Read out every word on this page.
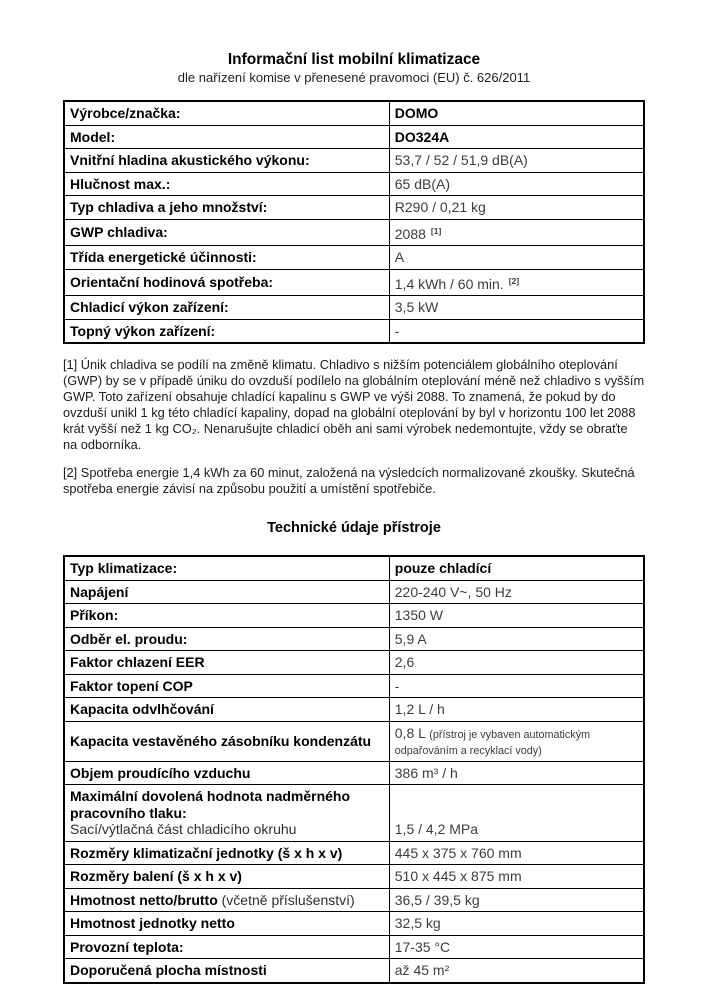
Informační list mobilní klimatizace
dle nařízení komise v přenesené pravomoci (EU) č. 626/2011
Výrobce/značka:	DOMO
Model:	DO324A
Vnitřní hladina akustického výkonu:	53,7 / 52 / 51,9 dB(A)
Hlučnost max.:	65 dB(A)
Typ chladiva a jeho množství:	R290 / 0,21 kg
GWP chladiva:	2088 [1]
Třída energetické účinnosti:	A
Orientační hodinová spotřeba:	1,4 kWh / 60 min. [2]
Chladicí výkon zařízení:	3,5 kW
Topný výkon zařízení:	-

[1] Únik chladiva se podílí na změně klimatu. Chladivo s nižším potenciálem globálního oteplování (GWP) by se v případě úniku do ovzduší podílelo na globálním oteplování méně než chladivo s vyšším GWP. Toto zařízení obsahuje chladící kapalinu s GWP ve výši 2088. To znamená, že pokud by do ovzduší unikl 1 kg této chladící kapaliny, dopad na globální oteplování by byl v horizontu 100 let 2088 krát vyšší než 1 kg CO₂. Nenarušujte chladicí oběh ani sami výrobek nedemontujte, vždy se obraťte na odborníka.

[2] Spotřeba energie 1,4 kWh za 60 minut, založená na výsledcích normalizované zkoušky. Skutečná spotřeba energie závisí na způsobu použití a umístění spotřebiče.

Technické údaje přístroje
Typ klimatizace:	pouze chladící
Napájení	220-240 V~, 50 Hz
Příkon:	1350 W
Odběr el. proudu:	5,9 A
Faktor chlazení EER	2,6
Faktor topení COP	-
Kapacita odvlhčování	1,2 L / h
Kapacita vestavěného zásobníku kondenzátu	0,8 L (přístroj je vybaven automatickým odpařováním a recyklací vody)
Objem proudícího vzduchu	386 m³ / h

Maximální dovolená hodnota nadměrného pracovního tlaku:
Sací/výtlačná část chladicího okruhu	1,5 / 4,2 MPa
Rozměry klimatizační jednotky (š x h x v)	445 x 375 x 760 mm
Rozměry balení (š x h x v)	510 x 445 x 875 mm
Hmotnost netto/brutto (včetně příslušenství)	36,5 / 39,5 kg
Hmotnost jednotky netto	32,5 kg
Provozní teplota:	17-35 °C
Doporučená plocha místnosti	až 45 m²
